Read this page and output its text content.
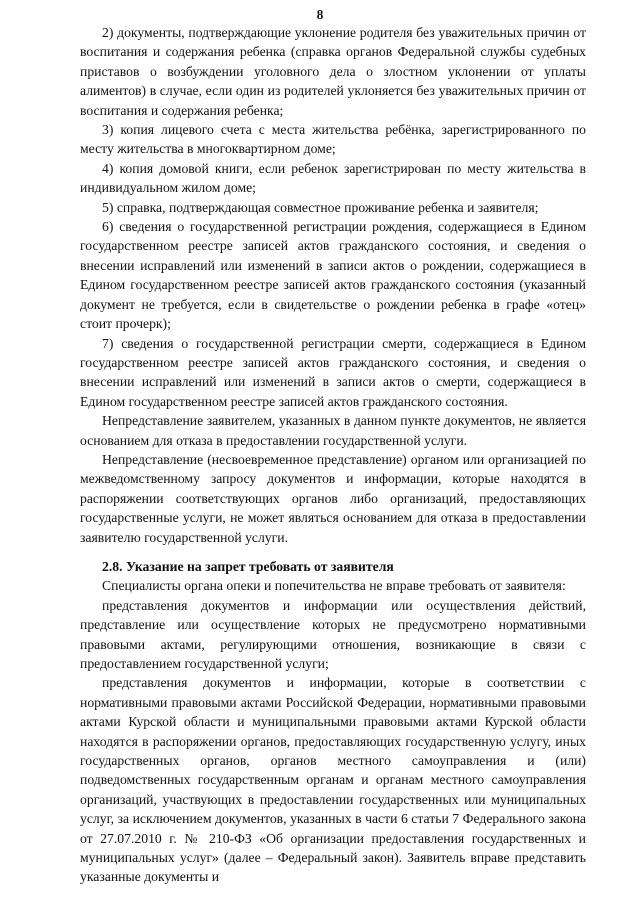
8

2) документы, подтверждающие уклонение родителя без уважительных причин от воспитания и содержания ребенка (справка органов Федеральной службы судебных приставов о возбуждении уголовного дела о злостном уклонении от уплаты алиментов) в случае, если один из родителей уклоняется без уважительных причин от воспитания и содержания ребенка;

3) копия лицевого счета с места жительства ребёнка, зарегистрированного по месту жительства в многоквартирном доме;

4) копия домовой книги, если ребенок зарегистрирован по месту жительства в индивидуальном жилом доме;

5) справка, подтверждающая совместное проживание ребенка и заявителя;

6) сведения о государственной регистрации рождения, содержащиеся в Едином государственном реестре записей актов гражданского состояния, и сведения о внесении исправлений или изменений в записи актов о рождении, содержащиеся в Едином государственном реестре записей актов гражданского состояния (указанный документ не требуется, если в свидетельстве о рождении ребенка в графе «отец» стоит прочерк);

7) сведения о государственной регистрации смерти, содержащиеся в Едином государственном реестре записей актов гражданского состояния, и сведения о внесении исправлений или изменений в записи актов о смерти, содержащиеся в Едином государственном реестре записей актов гражданского состояния.

Непредставление заявителем, указанных в данном пункте документов, не является основанием для отказа в предоставлении государственной услуги.

Непредставление (несвоевременное представление) органом или организацией по межведомственному запросу документов и информации, которые находятся в распоряжении соответствующих органов либо организаций, предоставляющих государственные услуги, не может являться основанием для отказа в предоставлении заявителю государственной услуги.

2.8. Указание на запрет требовать от заявителя

Специалисты органа опеки и попечительства не вправе требовать от заявителя:

представления документов и информации или осуществления действий, представление или осуществление которых не предусмотрено нормативными правовыми актами, регулирующими отношения, возникающие в связи с предоставлением государственной услуги;

представления документов и информации, которые в соответствии с нормативными правовыми актами Российской Федерации, нормативными правовыми актами Курской области и муниципальными правовыми актами Курской области находятся в распоряжении органов, предоставляющих государственную услугу, иных государственных органов, органов местного самоуправления и (или) подведомственных государственным органам и органам местного самоуправления организаций, участвующих в предоставлении государственных или муниципальных услуг, за исключением документов, указанных в части 6 статьи 7 Федерального закона от 27.07.2010 г. № 210-ФЗ «Об организации предоставления государственных и муниципальных услуг» (далее – Федеральный закон). Заявитель вправе представить указанные документы и
